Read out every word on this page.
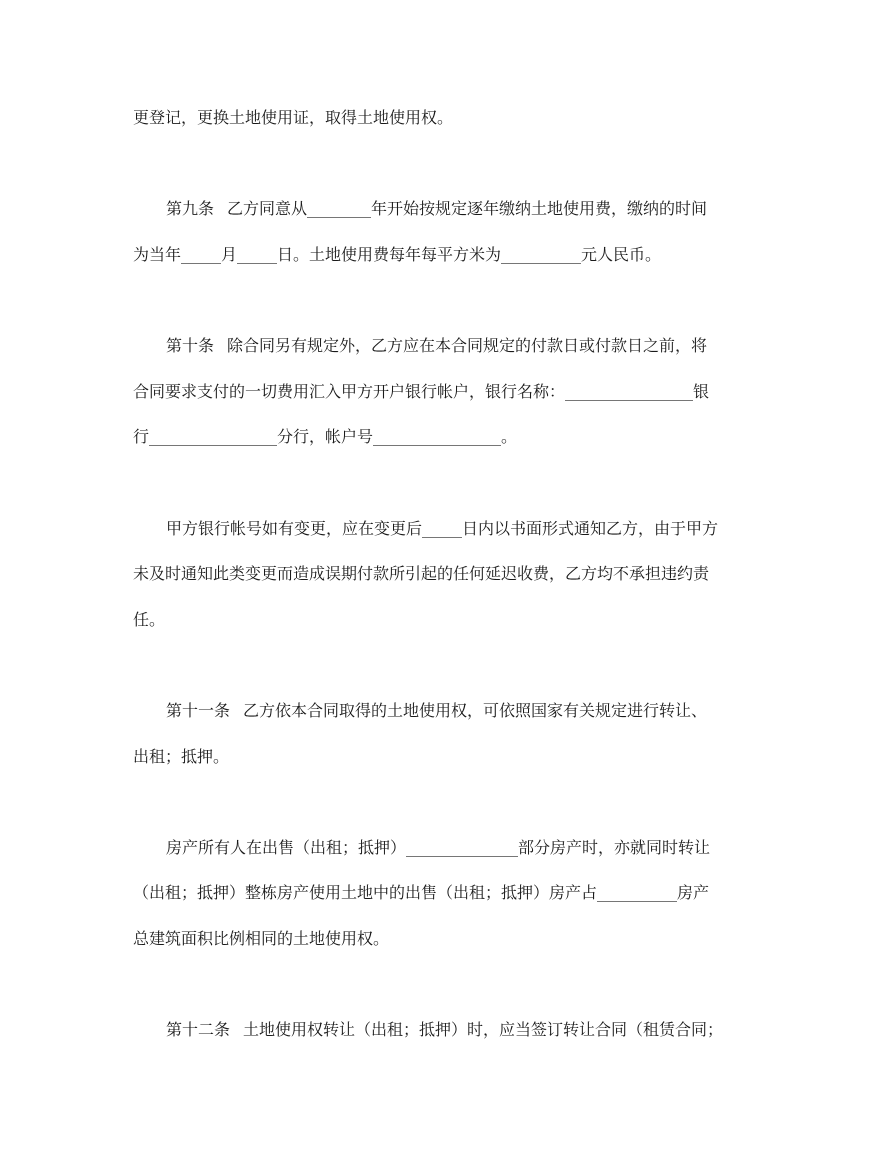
更登记，更换土地使用证，取得土地使用权。
第九条 乙方同意从________年开始按规定逐年缴纳土地使用费，缴纳的时间
为当年_____月_____日。土地使用费每年每平方米为__________元人民币。
第十条 除合同另有规定外，乙方应在本合同规定的付款日或付款日之前，将
合同要求支付的一切费用汇入甲方开户银行帐户，银行名称：________________银
行________________分行，帐户号________________。
甲方银行帐号如有变更，应在变更后_____日内以书面形式通知乙方，由于甲方
未及时通知此类变更而造成误期付款所引起的任何延迟收费，乙方均不承担违约责
任。
第十一条 乙方依本合同取得的土地使用权，可依照国家有关规定进行转让、
出租；抵押。
房产所有人在出售（出租；抵押）______________部分房产时，亦就同时转让
（出租；抵押）整栋房产使用土地中的出售（出租；抵押）房产占__________房产
总建筑面积比例相同的土地使用权。
第十二条 土地使用权转让（出租；抵押）时，应当签订转让合同（租赁合同；
